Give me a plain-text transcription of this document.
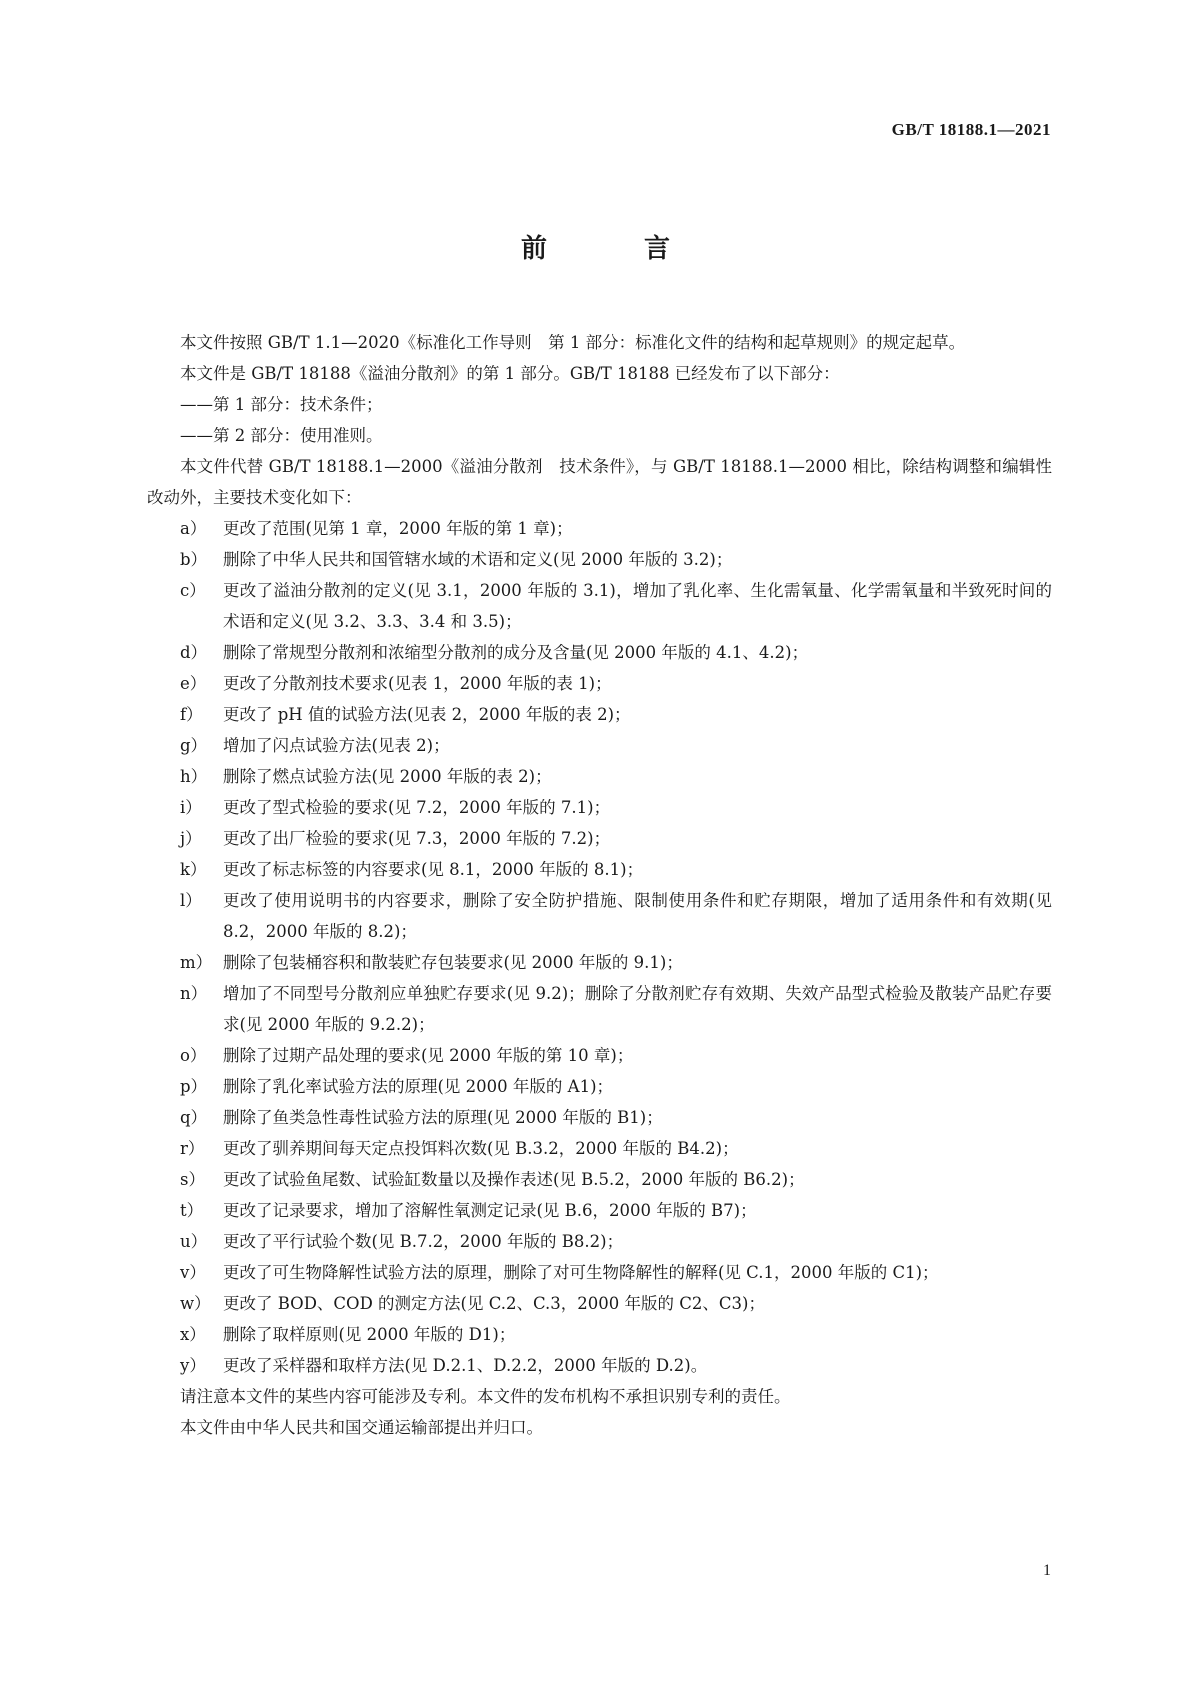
GB/T 18188.1—2021
前 言

本文件按照 GB/T 1.1—2020《标准化工作导则　第 1 部分：标准化文件的结构和起草规则》的规定起草。

本文件是 GB/T 18188《溢油分散剂》的第 1 部分。GB/T 18188 已经发布了以下部分：

——第 1 部分：技术条件；

——第 2 部分：使用准则。

本文件代替 GB/T 18188.1—2000《溢油分散剂　技术条件》，与 GB/T 18188.1—2000 相比，除结构调整和编辑性改动外，主要技术变化如下：

a）	更改了范围(见第 1 章，2000 年版的第 1 章)；
b） 删除了中华人民共和国管辖水域的术语和定义(见 2000 年版的 3.2)；
c）	更改了溢油分散剂的定义(见 3.1，2000 年版的 3.1)，增加了乳化率、生化需氧量、化学需氧量和半致死时间的术语和定义(见 3.2、3.3、3.4 和 3.5)；
d） 删除了常规型分散剂和浓缩型分散剂的成分及含量(见 2000 年版的 4.1、4.2)；
e）	更改了分散剂技术要求(见表 1，2000 年版的表 1)；
f）	更改了 pH 值的试验方法(见表 2，2000 年版的表 2)；
g） 增加了闪点试验方法(见表 2)；
h） 删除了燃点试验方法(见 2000 年版的表 2)；
i）	更改了型式检验的要求(见 7.2，2000 年版的 7.1)；
j）	更改了出厂检验的要求(见 7.3，2000 年版的 7.2)；
k）	更改了标志标签的内容要求(见 8.1，2000 年版的 8.1)；
l）	更改了使用说明书的内容要求，删除了安全防护措施、限制使用条件和贮存期限，增加了适用条件和有效期(见 8.2，2000 年版的 8.2)；
m） 删除了包装桶容积和散装贮存包装要求(见 2000 年版的 9.1)；
n） 增加了不同型号分散剂应单独贮存要求(见 9.2)；删除了分散剂贮存有效期、失效产品型式检验及散装产品贮存要求(见 2000 年版的 9.2.2)；
o）	删除了过期产品处理的要求(见 2000 年版的第 10 章)；
p） 删除了乳化率试验方法的原理(见 2000 年版的 A1)；
q） 删除了鱼类急性毒性试验方法的原理(见 2000 年版的 B1)；
r）	更改了驯养期间每天定点投饵料次数(见 B.3.2，2000 年版的 B4.2)；
s）	更改了试验鱼尾数、试验缸数量以及操作表述(见 B.5.2，2000 年版的 B6.2)；
t）	更改了记录要求，增加了溶解性氧测定记录(见 B.6，2000 年版的 B7)；
u） 更改了平行试验个数(见 B.7.2，2000 年版的 B8.2)；
v）	更改了可生物降解性试验方法的原理，删除了对可生物降解性的解释(见 C.1，2000 年版的 C1)；
w） 更改了 BOD、COD 的测定方法(见 C.2、C.3，2000 年版的 C2、C3)；
x）	删除了取样原则(见 2000 年版的 D1)；
y）	更改了采样器和取样方法(见 D.2.1、D.2.2，2000 年版的 D.2)。

请注意本文件的某些内容可能涉及专利。本文件的发布机构不承担识别专利的责任。

本文件由中华人民共和国交通运输部提出并归口。

1
